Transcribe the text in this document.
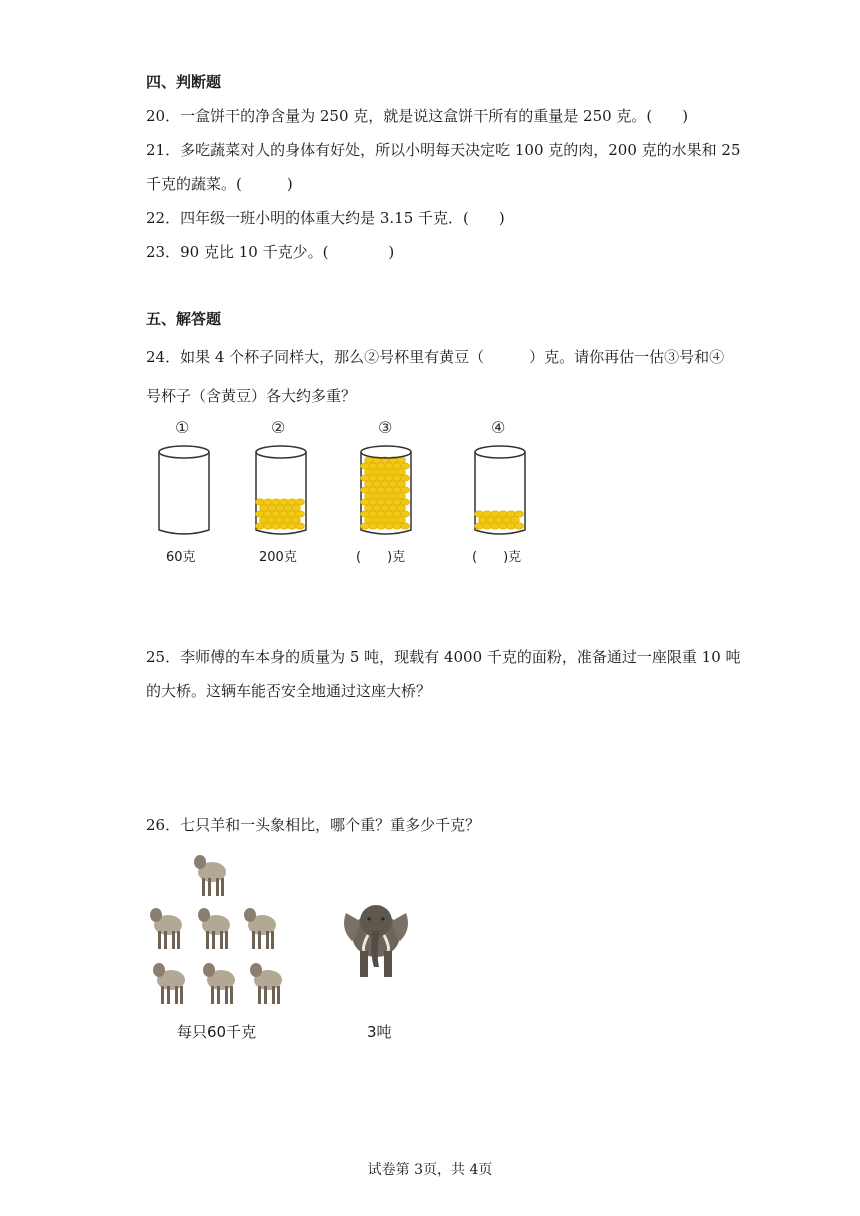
四、判断题
20．一盒饼干的净含量为 250 克，就是说这盒饼干所有的重量是 250 克。(　　)
21．多吃蔬菜对人的身体有好处，所以小明每天决定吃 100 克的肉，200 克的水果和 25
千克的蔬菜。(　　　)
22．四年级一班小明的体重大约是 3.15 千克．(　　)
23．90 克比 10 千克少。(　　　　)
五、解答题
24．如果 4 个杯子同样大，那么②号杯里有黄豆（　　　）克。请你再估一估③号和④
号杯子（含黄豆）各大约多重？
①	②	③	④
60克	200克	(　　)克	(　　)克
25．李师傅的车本身的质量为 5 吨，现载有 4000 千克的面粉，准备通过一座限重 10 吨
的大桥。这辆车能否安全地通过这座大桥？
26．七只羊和一头象相比，哪个重？重多少千克？
每只60千克	3吨
试卷第 3页，共 4页
